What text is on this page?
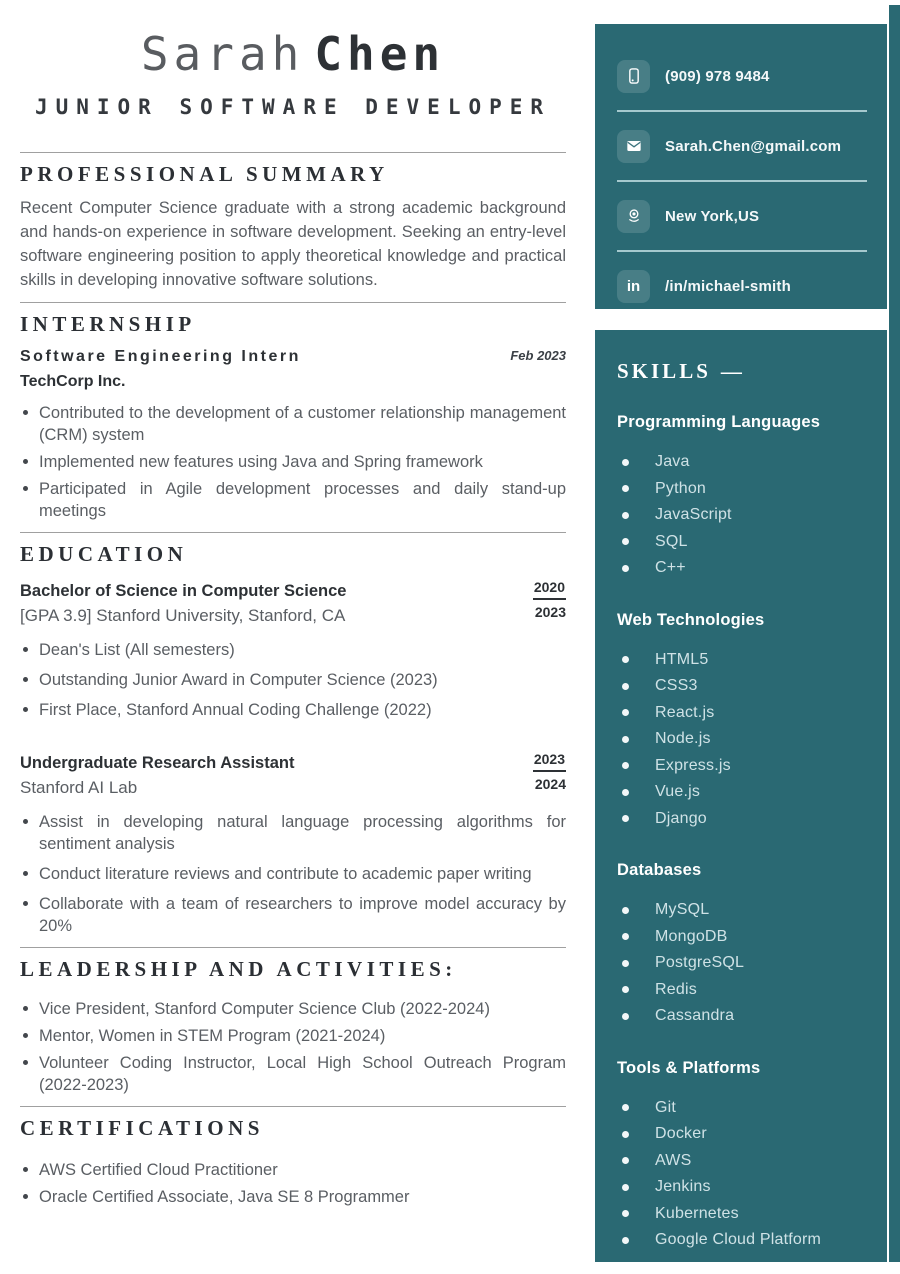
Sarah Chen
JUNIOR SOFTWARE DEVELOPER
PROFESSIONAL SUMMARY

Recent Computer Science graduate with a strong academic background and hands-on experience in software development. Seeking an entry-level software engineering position to apply theoretical knowledge and practical skills in developing innovative software solutions.

INTERNSHIP
Software Engineering Intern	Feb 2023
TechCorp Inc.
Contributed to the development of a customer relationship management (CRM) system
Implemented new features using Java and Spring framework
Participated in Agile development processes and daily stand-up meetings
EDUCATION
Bachelor of Science in Computer Science
[GPA 3.9] Stanford University, Stanford, CA
2020
2023
Dean's List (All semesters)
Outstanding Junior Award in Computer Science (2023)
First Place, Stanford Annual Coding Challenge (2022)
Undergraduate Research Assistant
Stanford AI Lab
2023
2024
Assist in developing natural language processing algorithms for sentiment analysis
Conduct literature reviews and contribute to academic paper writing
Collaborate with a team of researchers to improve model accuracy by 20%
LEADERSHIP AND ACTIVITIES:
Vice President, Stanford Computer Science Club (2022-2024)
Mentor, Women in STEM Program (2021-2024)
Volunteer Coding Instructor, Local High School Outreach Program (2022-2023)
CERTIFICATIONS
AWS Certified Cloud Practitioner
Oracle Certified Associate, Java SE 8 Programmer
(909) 978 9484
Sarah.Chen@gmail.com
New York,US
in /in/michael-smith
SKILLS —
Programming Languages
Java
Python
JavaScript
SQL
C++
Web Technologies
HTML5
CSS3
React.js
Node.js
Express.js
Vue.js
Django
Databases
MySQL
MongoDB
PostgreSQL
Redis
Cassandra
Tools & Platforms
Git
Docker
AWS
Jenkins
Kubernetes
Google Cloud Platform
